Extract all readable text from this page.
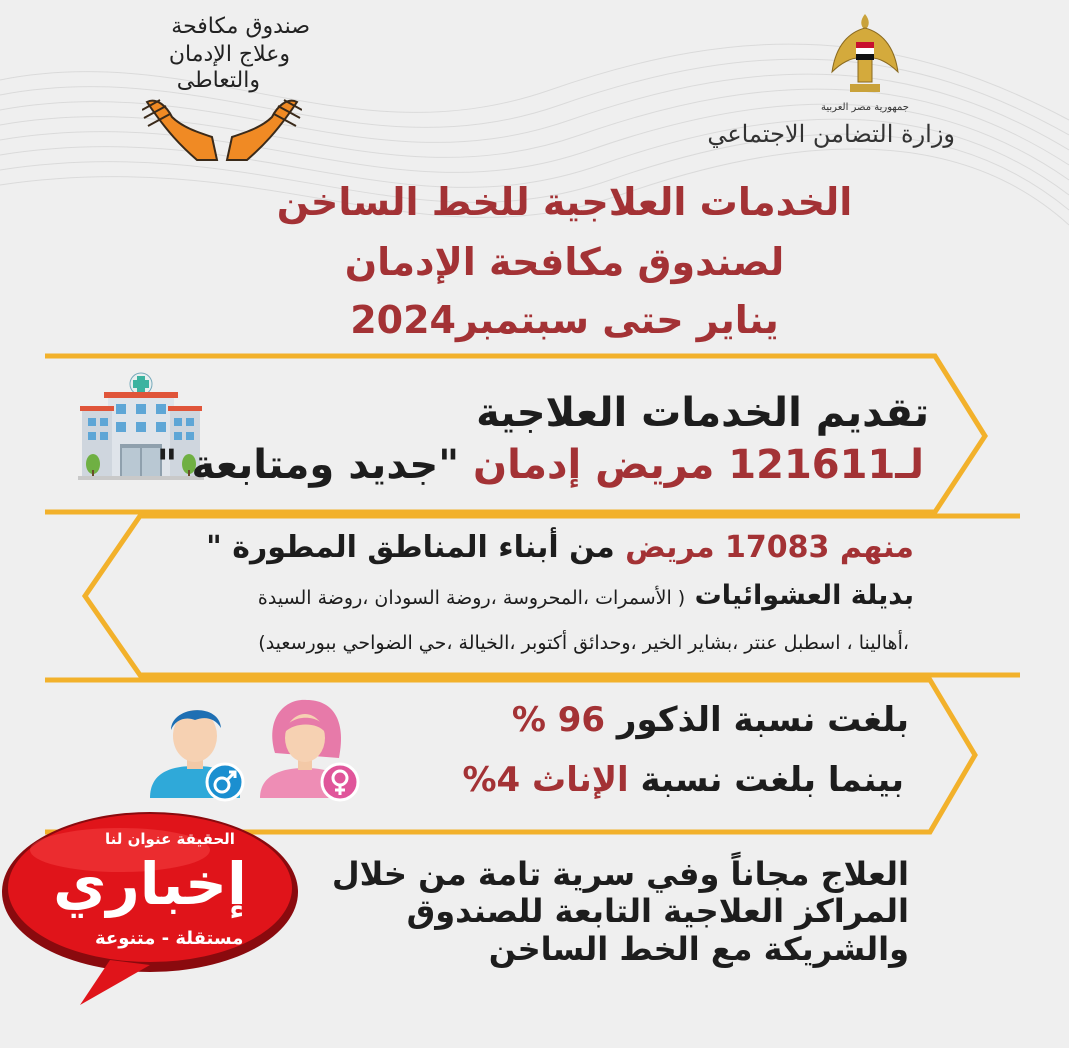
صندوق مكافحة
وعلاج الإدمان
والتعاطى
جمهورية مصر العربية
وزارة التضامن الاجتماعي
الخدمات العلاجية للخط الساخن
لصندوق مكافحة الإدمان
يناير حتى سبتمبر2024
تقديم الخدمات العلاجية
لـ121611 مريض إدمان "جديد ومتابعة "
منهم 17083 مريض من أبناء المناطق المطورة "
بديلة العشوائيات ( الأسمرات ،المحروسة ،روضة السودان ،روضة السيدة
،أهالينا ، اسطبل عنتر ،بشاير الخير ،وحدائق أكتوبر ،الخيالة ،حي الضواحي ببورسعيد)
بلغت نسبة الذكور 96 %
بينما بلغت نسبة الإناث 4%
العلاج مجاناً وفي سرية تامة من خلال
المراكز العلاجية التابعة للصندوق
والشريكة مع الخط الساخن
الحقيقة عنوان لنا
إخباري
مستقلة - متنوعة
